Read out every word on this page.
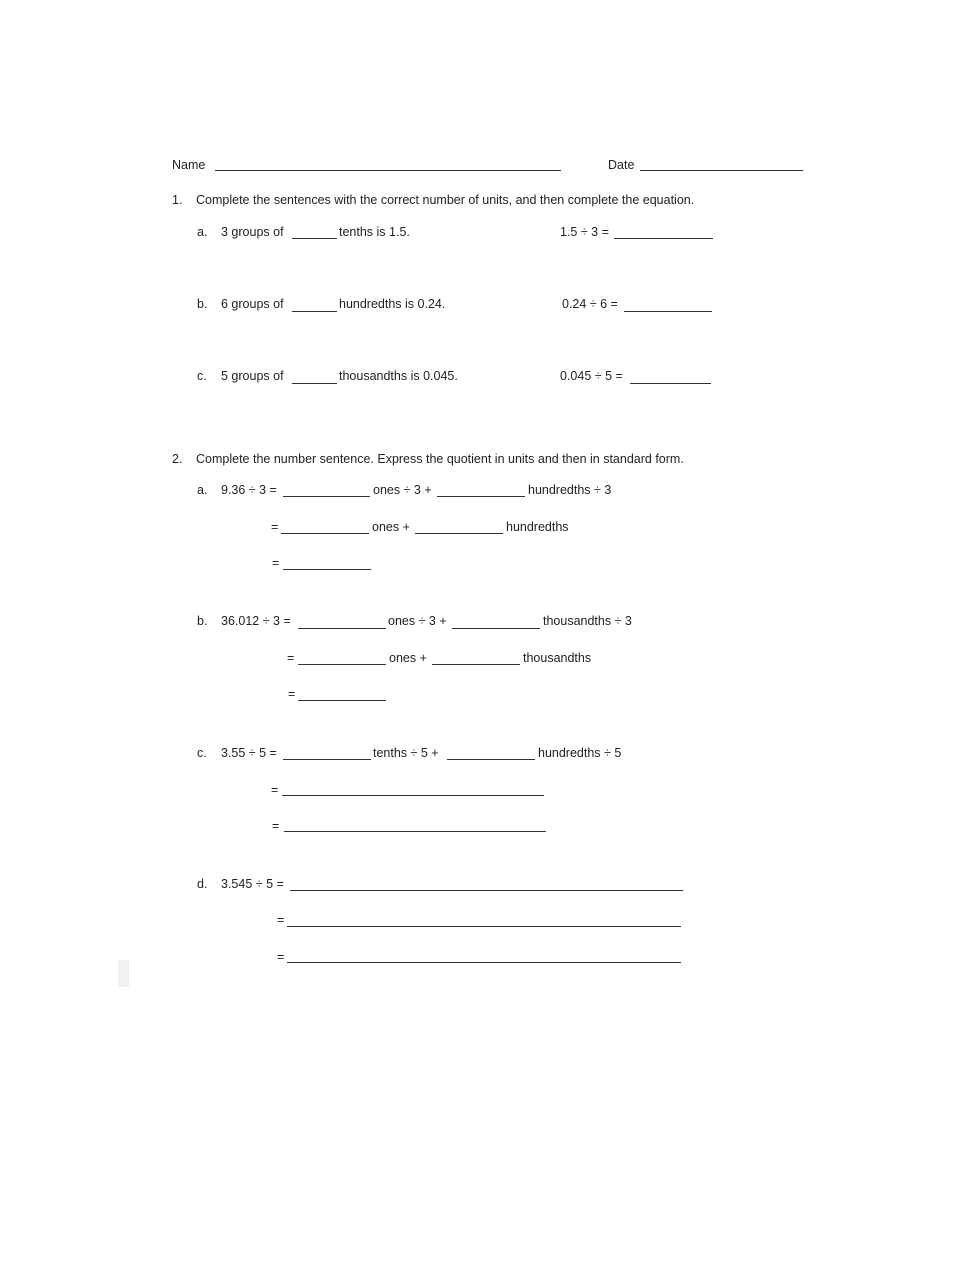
Name	Date
1. Complete the sentences with the correct number of units, and then complete the equation.
a. 3 groups of	tenths is 1.5.	1.5 ÷ 3 =
b. 6 groups of	hundredths is 0.24.	0.24 ÷ 6 =
c. 5 groups of	thousandths is 0.045.	0.045 ÷ 5 =
2. Complete the number sentence. Express the quotient in units and then in standard form.
a. 9.36 ÷ 3 =	ones ÷ 3 +	hundredths ÷ 3
=	ones +	hundredths
=
b. 36.012 ÷ 3 =	ones ÷ 3 +	thousandths ÷ 3
=	ones +	thousandths
=
c. 3.55 ÷ 5 =	tenths ÷ 5 +	hundredths ÷ 5
=
=
d. 3.545 ÷ 5 =
=
=
